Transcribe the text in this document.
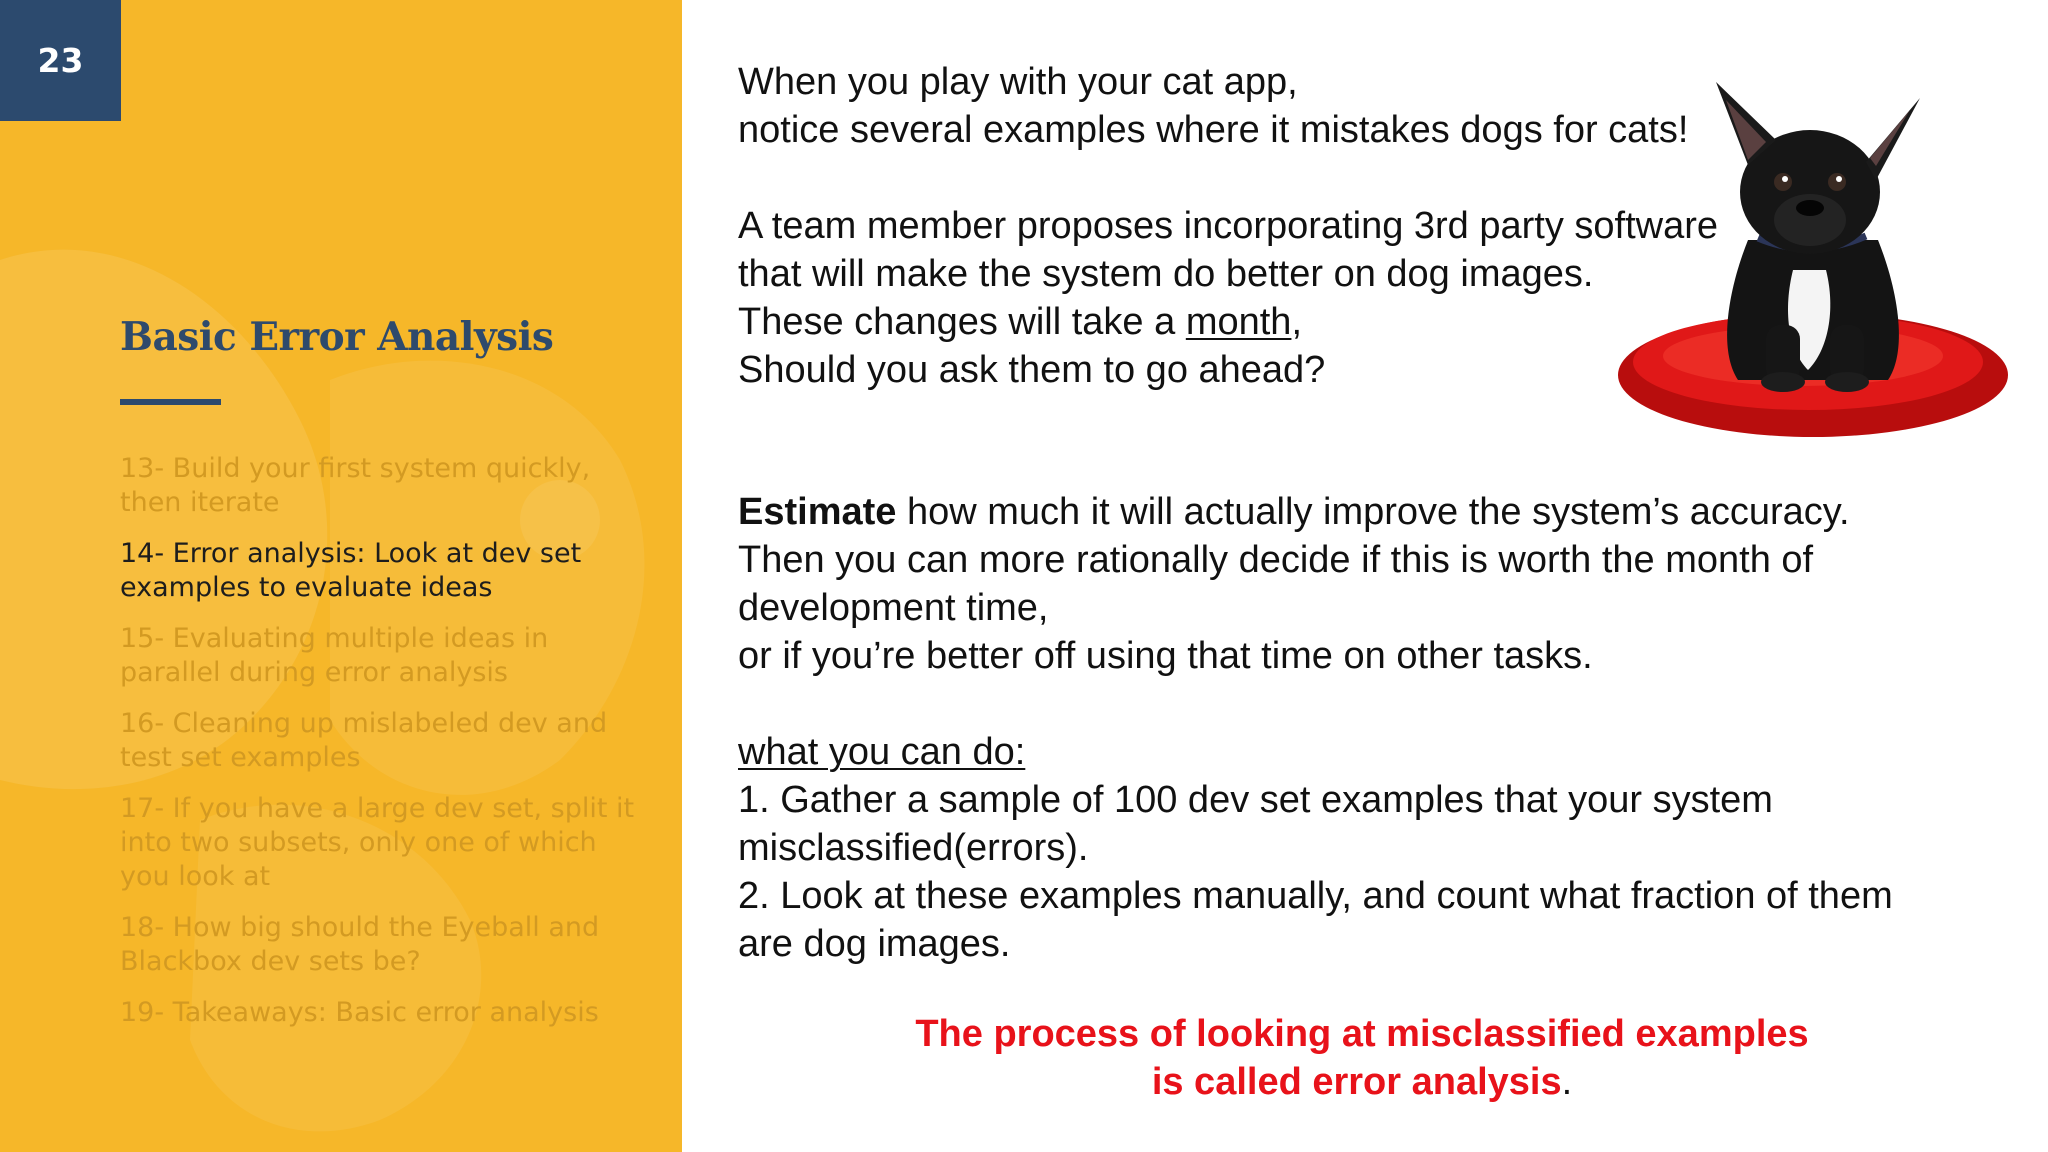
23
Basic Error Analysis
13- Build your first system quickly,
then iterate
14- Error analysis: Look at dev set
examples to evaluate ideas
15- Evaluating multiple ideas in
parallel during error analysis
16- Cleaning up mislabeled dev and
test set examples
17- If you have a large dev set, split it
into two subsets, only one of which
you look at
18- How big should the Eyeball and
Blackbox dev sets be?
19- Takeaways: Basic error analysis

When you play with your cat app,
notice several examples where it mistakes dogs for cats!

A team member proposes incorporating 3rd party software
that will make the system do better on dog images.
These changes will take a month,
Should you ask them to go ahead?

Estimate how much it will actually improve the system’s accuracy.
Then you can more rationally decide if this is worth the month of
development time,
or if you’re better off using that time on other tasks.

what you can do:

1. Gather a sample of 100 dev set examples that your system
misclassified(errors).
2. Look at these examples manually, and count what fraction of them
are dog images.

The process of looking at misclassified examples
is called error analysis.
